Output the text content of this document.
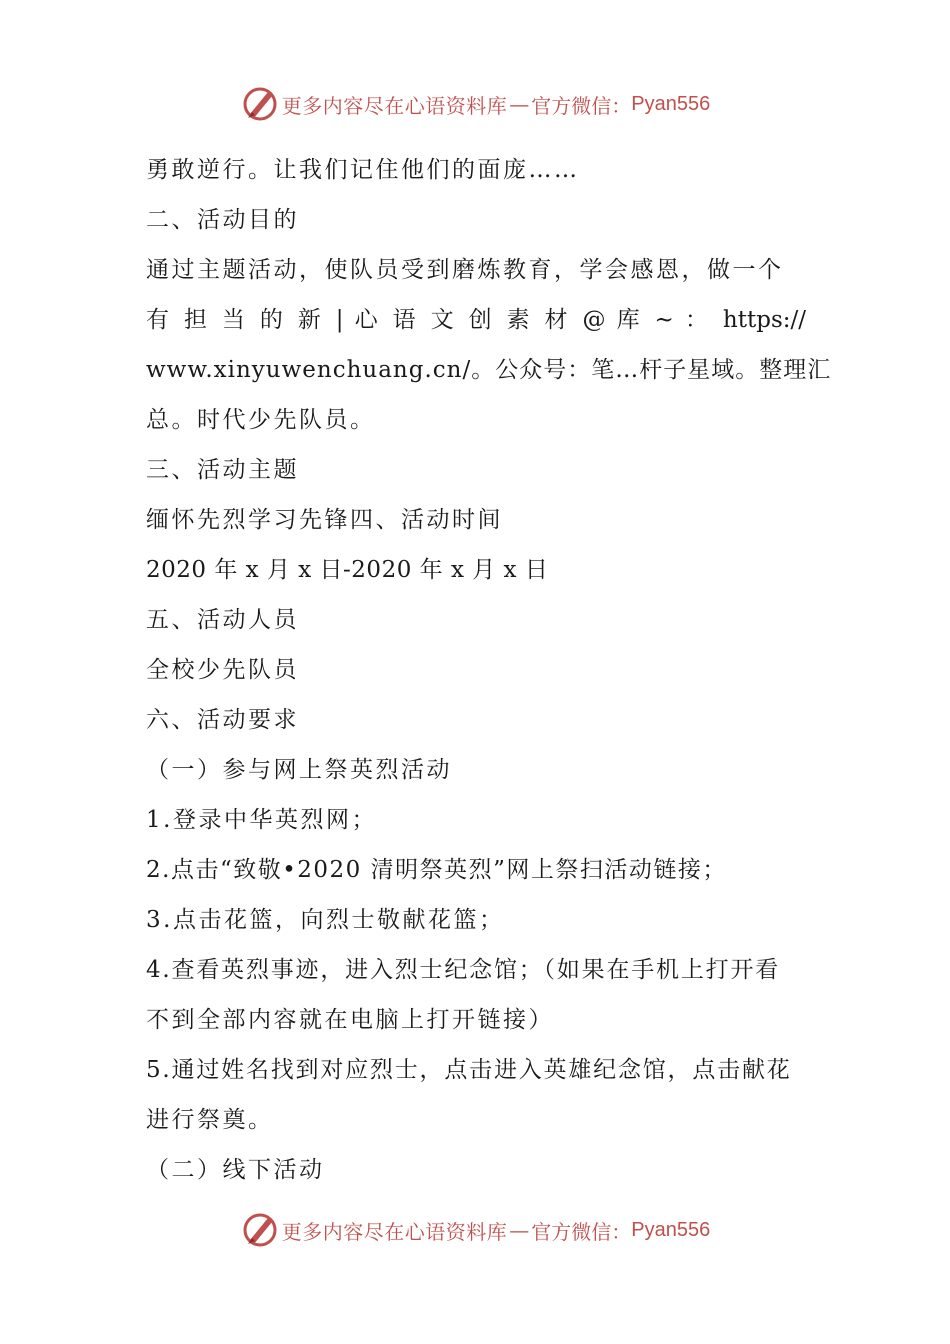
更多内容尽在心语资料库 — 官方微信： Pyan556
勇敢逆行。让我们记住他们的面庞……
二、活动目的
通过主题活动，使队员受到磨炼教育，学会感恩，做一个
有 担 当 的 新 | 心 语 文 创 素 材 @ 库 ~ ： https://
www.xinyuwenchuang.cn/。公众号：笔…杆子星域。整理汇
总。时代少先队员。
三、活动主题
缅怀先烈学习先锋四、活动时间
2020 年 x 月 x 日-2020 年 x 月 x 日
五、活动人员
全校少先队员
六、活动要求
（一）参与网上祭英烈活动
1.登录中华英烈网；
2.点击“致敬•2020 清明祭英烈”网上祭扫活动链接；
3.点击花篮，向烈士敬献花篮；
4.查看英烈事迹，进入烈士纪念馆；（如果在手机上打开看
不到全部内容就在电脑上打开链接）
5.通过姓名找到对应烈士，点击进入英雄纪念馆，点击献花
进行祭奠。
（二）线下活动
更多内容尽在心语资料库 — 官方微信： Pyan556
